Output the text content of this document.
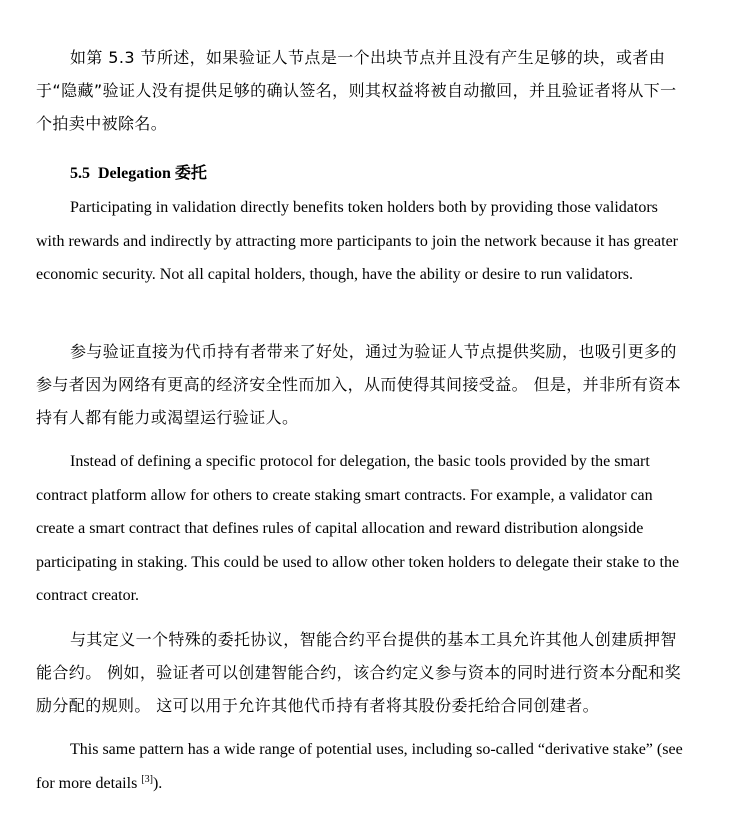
如第 5.3 节所述，如果验证人节点是一个出块节点并且没有产生足够的块，或者由于“隐藏”验证人没有提供足够的确认签名，则其权益将被自动撤回，并且验证者将从下一个拍卖中被除名。

5.5 Delegation 委托

Participating in validation directly benefits token holders both by providing those validators with rewards and indirectly by attracting more participants to join the network because it has greater economic security. Not all capital holders, though, have the ability or desire to run validators.

参与验证直接为代币持有者带来了好处，通过为验证人节点提供奖励，也吸引更多的参与者因为网络有更高的经济安全性而加入，从而使得其间接受益。 但是，并非所有资本持有人都有能力或渴望运行验证人。

Instead of defining a specific protocol for delegation, the basic tools provided by the smart contract platform allow for others to create staking smart contracts. For example, a validator can create a smart contract that defines rules of capital allocation and reward distribution alongside participating in staking. This could be used to allow other token holders to delegate their stake to the contract creator.

与其定义一个特殊的委托协议，智能合约平台提供的基本工具允许其他人创建质押智能合约。 例如，验证者可以创建智能合约，该合约定义参与资本的同时进行资本分配和奖励分配的规则。 这可以用于允许其他代币持有者将其股份委托给合同创建者。

This same pattern has a wide range of potential uses, including so-called “derivative stake” (see for more details [3]).
